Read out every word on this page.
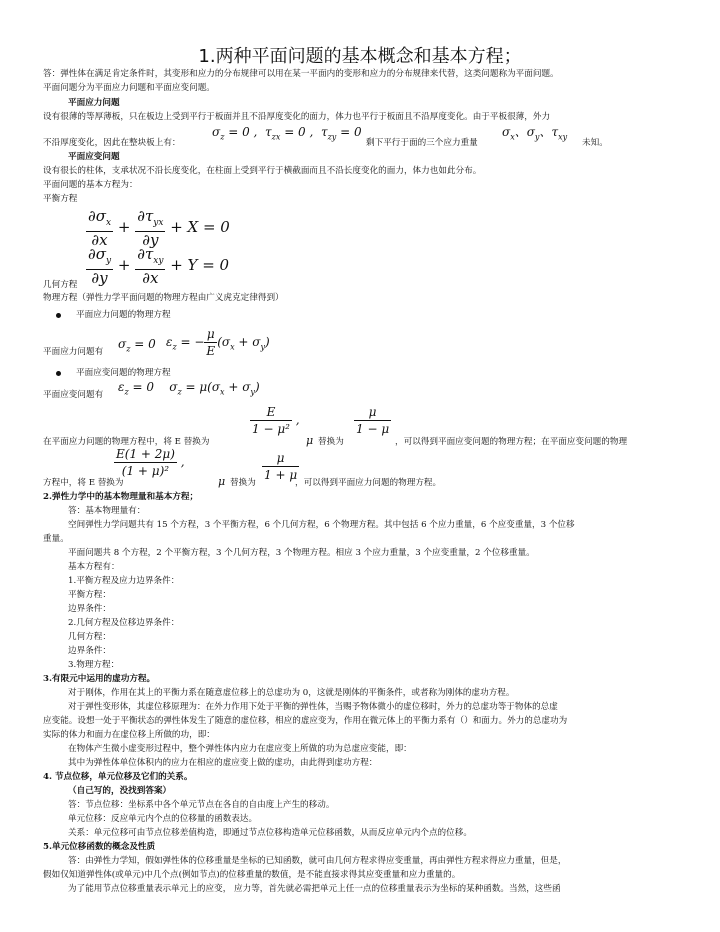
1.两种平面问题的基本概念和基本方程；
答：弹性体在满足肯定条件时，其变形和应力的分布规律可以用在某一平面内的变形和应力的分布规律来代替，这类问题称为平面问题。
平面问题分为平面应力问题和平面应变问题。
平面应力问题
设有很薄的等厚薄板，只在板边上受到平行于板面并且不沿厚度变化的面力，体力也平行于板面且不沿厚度变化。由于平板很薄，外力
不沿厚度变化，因此在整块板上有：
$\sigma_z = 0$ ,  $\tau_{zx} = 0$ ,  $\tau_{zy} = 0$
剩下平行于面的三个应力重量
$\sigma_x$、$\sigma_y$、$\tau_{xy}$
未知。
平面应变问题
设有很长的柱体，支承状况不沿长度变化，在柱面上受到平行于横截面而且不沿长度变化的面力，体力也如此分布。
平面问题的基本方程为：
平衡方程
$\frac{\partial\sigma_x}{\partial x} + \frac{\partial\tau_{yx}}{\partial y} + X = 0$
$\frac{\partial\sigma_y}{\partial y} + \frac{\partial\tau_{xy}}{\partial x} + Y = 0$
几何方程
物理方程（弹性力学平面问题的物理方程由广义虎克定律得到）
平面应力问题的物理方程
平面应力问题有
$\sigma_z = 0$ $\varepsilon_z$ = − $\frac{\mu}{E} (\sigma_x + \sigma_y)$
平面应变问题的物理方程
平面应变问题有
$\varepsilon_z = 0$    $\sigma_z = \mu(\sigma_x + \sigma_y)$
$\frac{E}{\text{1 − μ²}}$ ,	$\frac{\mu}{1 - \mu}$
在平面应力问题的物理方程中，将 E 替换为	μ 替换为	，可以得到平面应变问题的物理方程；在平面应变问题的物理
$\frac{E(1 + 2\mu)}{\text{(1 + μ)²}}$ ,	$\frac{\mu}{1 + \mu}$
方程中，将 E 替换为	μ 替换为	，可以得到平面应力问题的物理方程。
2.弹性力学中的基本物理量和基本方程；
答：基本物理量有：
空间弹性力学问题共有 15 个方程，3 个平衡方程，6 个几何方程，6 个物理方程。其中包括 6 个应力重量，6 个应变重量，3 个位移
重量。
平面问题共 8 个方程，2 个平衡方程，3 个几何方程，3 个物理方程。相应 3 个应力重量，3 个应变重量，2 个位移重量。
基本方程有：
1.平衡方程及应力边界条件：
平衡方程：
边界条件：
2.几何方程及位移边界条件：
几何方程：
边界条件：
3.物理方程：
3.有限元中运用的虚功方程。
对于刚体，作用在其上的平衡力系在随意虚位移上的总虚功为 0，这就是刚体的平衡条件，或者称为刚体的虚功方程。
对于弹性变形体，其虚位移原理为：在外力作用下处于平衡的弹性体，当赐予物体微小的虚位移时，外力的总虚功等于物体的总虚
应变能。设想一处于平衡状态的弹性体发生了随意的虚位移，相应的虚应变为，作用在微元体上的平衡力系有（）和面力。外力的总虚功为
实际的体力和面力在虚位移上所做的功，即：
在物体产生微小虚变形过程中，整个弹性体内应力在虚应变上所做的功为总虚应变能，即：
其中为弹性体单位体积内的应力在相应的虚应变上做的虚功，由此得到虚功方程：
4. 节点位移，单元位移及它们的关系。
（自己写的，没找到答案）
答：节点位移：坐标系中各个单元节点在各自的自由度上产生的移动。
单元位移：反应单元内个点的位移量的函数表达。
关系：单元位移可由节点位移差值构造，即通过节点位移构造单元位移函数，从而反应单元内个点的位移。
5.单元位移函数的概念及性质
答：由弹性力学知，假如弹性体的位移重量是坐标的已知函数，就可由几何方程求得应变重量，再由弹性方程求得应力重量，但是，
假如仅知道弹性体(或单元)中几个点(例如节点)的位移重量的数值，是不能直接求得其应变重量和应力重量的。
为了能用节点位移重量表示单元上的应变， 应力等，首先就必需把单元上任一点的位移重量表示为坐标的某种函数。当然，这些函
